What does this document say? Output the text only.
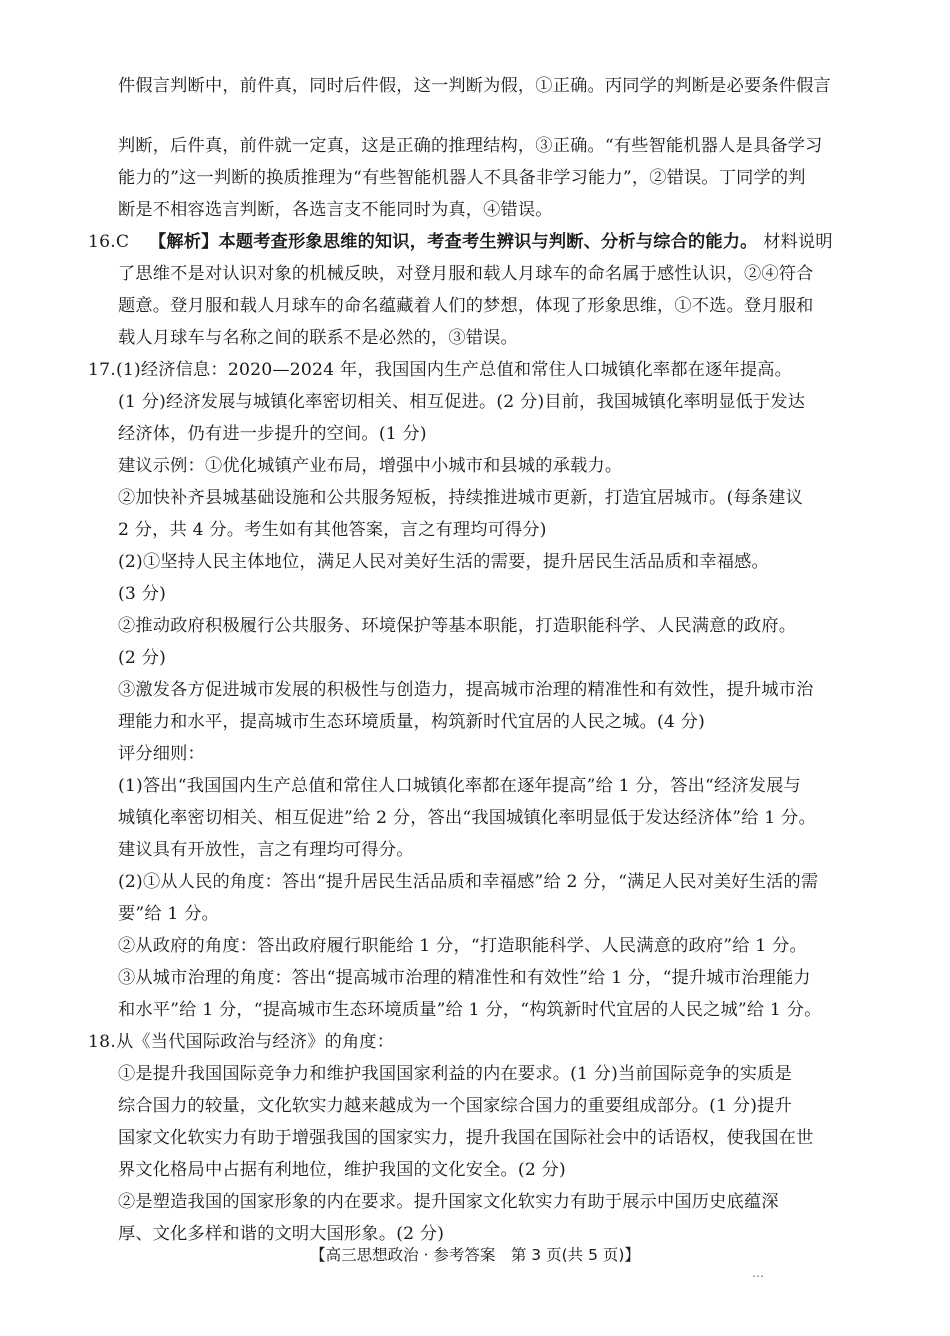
件假言判断中，前件真，同时后件假，这一判断为假，①正确。丙同学的判断是必要条件假言
判断，后件真，前件就一定真，这是正确的推理结构，③正确。“有些智能机器人是具备学习
能力的”这一判断的换质推理为“有些智能机器人不具备非学习能力”，②错误。丁同学的判
断是不相容选言判断，各选言支不能同时为真，④错误。
16.C 【解析】本题考查形象思维的知识，考查考生辨识与判断、分析与综合的能力。 材料说明
了思维不是对认识对象的机械反映，对登月服和载人月球车的命名属于感性认识，②④符合
题意。登月服和载人月球车的命名蕴藏着人们的梦想，体现了形象思维，①不选。登月服和
载人月球车与名称之间的联系不是必然的，③错误。
17.(1)经济信息：2020—2024 年，我国国内生产总值和常住人口城镇化率都在逐年提高。
(1 分)经济发展与城镇化率密切相关、相互促进。(2 分)目前，我国城镇化率明显低于发达
经济体，仍有进一步提升的空间。(1 分)
建议示例：①优化城镇产业布局，增强中小城市和县城的承载力。
②加快补齐县城基础设施和公共服务短板，持续推进城市更新，打造宜居城市。(每条建议
2 分，共 4 分。考生如有其他答案，言之有理均可得分)
(2)①坚持人民主体地位，满足人民对美好生活的需要，提升居民生活品质和幸福感。
(3 分)
②推动政府积极履行公共服务、环境保护等基本职能，打造职能科学、人民满意的政府。
(2 分)
③激发各方促进城市发展的积极性与创造力，提高城市治理的精准性和有效性，提升城市治
理能力和水平，提高城市生态环境质量，构筑新时代宜居的人民之城。(4 分)
评分细则：
(1)答出“我国国内生产总值和常住人口城镇化率都在逐年提高”给 1 分，答出“经济发展与
城镇化率密切相关、相互促进”给 2 分，答出“我国城镇化率明显低于发达经济体”给 1 分。
建议具有开放性，言之有理均可得分。
(2)①从人民的角度：答出“提升居民生活品质和幸福感”给 2 分，“满足人民对美好生活的需
要”给 1 分。
②从政府的角度：答出政府履行职能给 1 分，“打造职能科学、人民满意的政府”给 1 分。
③从城市治理的角度：答出“提高城市治理的精准性和有效性”给 1 分，“提升城市治理能力
和水平”给 1 分，“提高城市生态环境质量”给 1 分，“构筑新时代宜居的人民之城”给 1 分。
18.从《当代国际政治与经济》的角度：
①是提升我国国际竞争力和维护我国国家利益的内在要求。(1 分)当前国际竞争的实质是
综合国力的较量，文化软实力越来越成为一个国家综合国力的重要组成部分。(1 分)提升
国家文化软实力有助于增强我国的国家实力，提升我国在国际社会中的话语权，使我国在世
界文化格局中占据有利地位，维护我国的文化安全。(2 分)
②是塑造我国的国家形象的内在要求。提升国家文化软实力有助于展示中国历史底蕴深
厚、文化多样和谐的文明大国形象。(2 分)
【高三思想政治 · 参考答案　第 3 页(共 5 页)】
…
